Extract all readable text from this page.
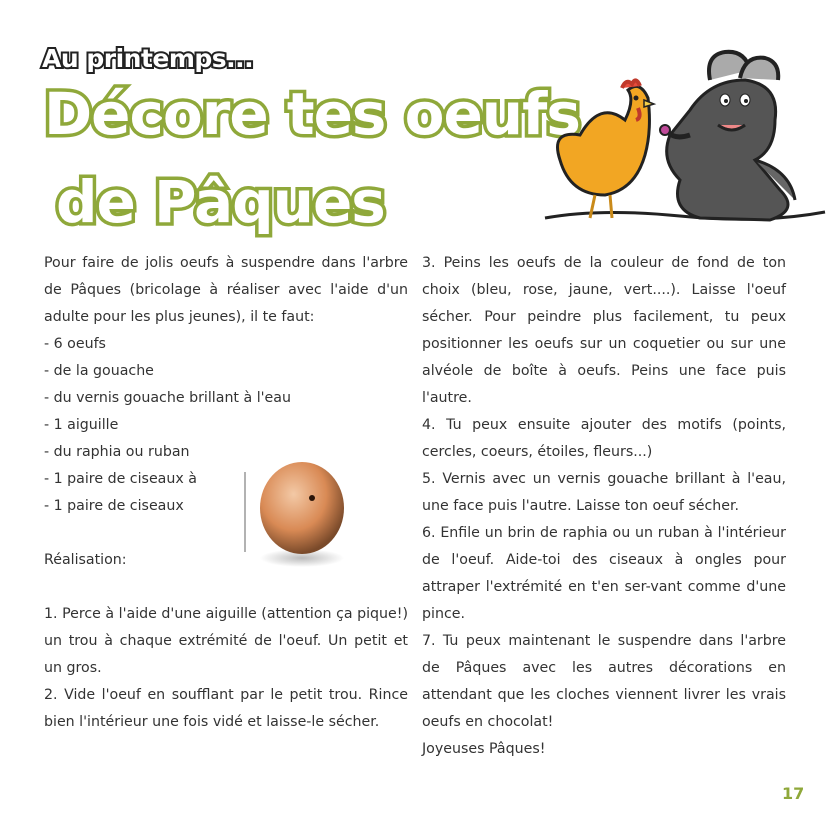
Au printemps...
Décore tes oeufs
de Pâques

Pour faire de jolis oeufs à suspendre dans l'arbre de Pâques (bricolage à réaliser avec l'aide d'un adulte pour les plus jeunes), il te faut:

- 6 oeufs
- de la gouache
- du vernis gouache brillant à l'eau
- 1 aiguille
- du raphia ou ruban
- 1 paire de ciseaux à
- 1 paire de ciseaux

Réalisation:

1. Perce à l'aide d'une aiguille (attention ça pique!) un trou à chaque extrémité de l'oeuf. Un petit et un gros.

2. Vide l'oeuf en soufflant par le petit trou. Rince bien l'intérieur une fois vidé et laisse-le sécher.

3. Peins les oeufs de la couleur de fond de ton choix (bleu, rose, jaune, vert....). Laisse l'oeuf sécher. Pour peindre plus facilement, tu peux positionner les oeufs sur un coquetier ou sur une alvéole de boîte à oeufs. Peins une face puis l'autre.

4. Tu peux ensuite ajouter des motifs (points, cercles, coeurs, étoiles, fleurs...)

5. Vernis avec un vernis gouache brillant à l'eau, une face puis l'autre. Laisse ton oeuf sécher.

6. Enfile un brin de raphia ou un ruban à l'intérieur de l'oeuf. Aide-toi des ciseaux à ongles pour attraper l'extrémité en t'en ser-vant comme d'une pince.

7. Tu peux maintenant le suspendre dans l'arbre de Pâques avec les autres décorations en attendant que les cloches viennent livrer les vrais oeufs en chocolat!

Joyeuses Pâques!

17
